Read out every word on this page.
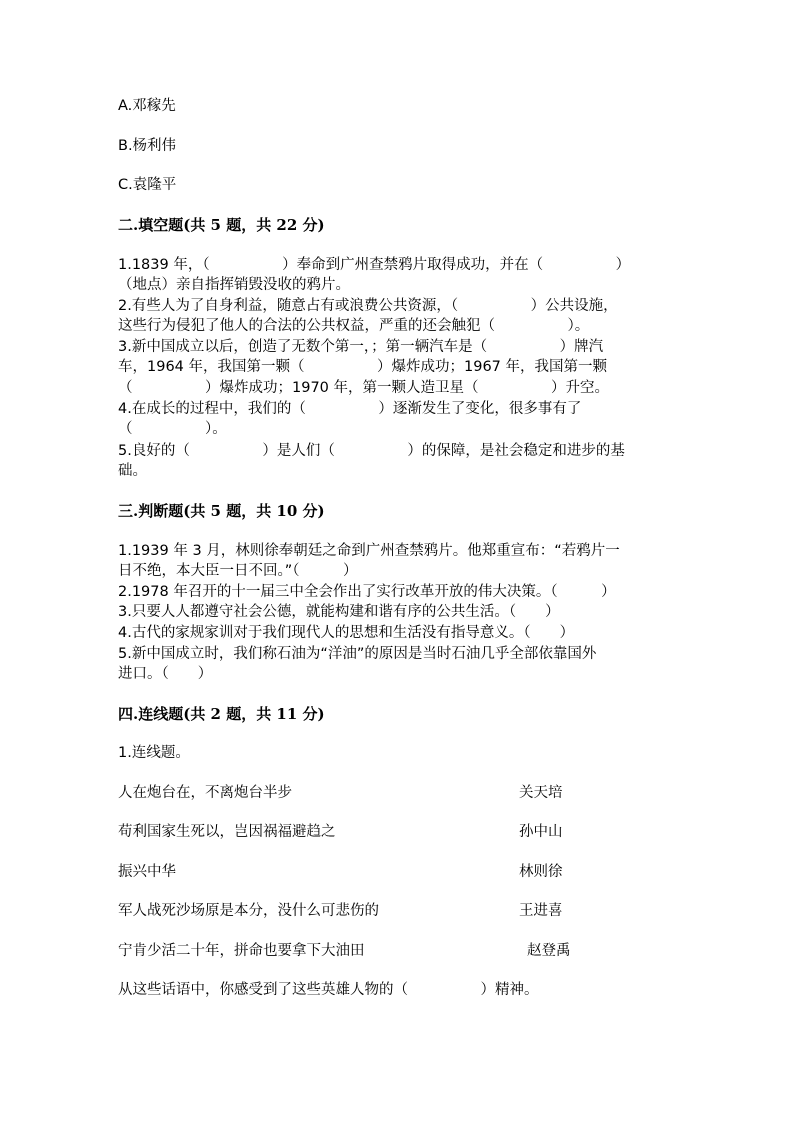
A.邓稼先
B.杨利伟
C.袁隆平
二.填空题(共 5 题，共 22 分)
1.1839 年，（　　　　　）奉命到广州查禁鸦片取得成功，并在（　　　　　）
（地点）亲自指挥销毁没收的鸦片。
2.有些人为了自身利益，随意占有或浪费公共资源，（　　　　　）公共设施，
这些行为侵犯了他人的合法的公共权益，严重的还会触犯（　　　　　）。
3.新中国成立以后，创造了无数个第一，；第一辆汽车是（　　　　　）牌汽
车，1964 年，我国第一颗（　　　　　）爆炸成功；1967 年，我国第一颗
（　　　　　）爆炸成功；1970 年，第一颗人造卫星（　　　　　）升空。
4.在成长的过程中，我们的（　　　　　）逐渐发生了变化，很多事有了
（　　　　　）。
5.良好的（　　　　　）是人们（　　　　　）的保障，是社会稳定和进步的基
础。
三.判断题(共 5 题，共 10 分)
1.1939 年 3 月，林则徐奉朝廷之命到广州查禁鸦片。他郑重宣布：“若鸦片一
日不绝，本大臣一日不回。”（　　　）
2.1978 年召开的十一届三中全会作出了实行改革开放的伟大决策。（　　　）
3.只要人人都遵守社会公德，就能构建和谐有序的公共生活。（　　）
4.古代的家规家训对于我们现代人的思想和生活没有指导意义。（　　）
5.新中国成立时，我们称石油为“洋油”的原因是当时石油几乎全部依靠国外
进口。（　　）
四.连线题(共 2 题，共 11 分)
1.连线题。
人在炮台在，不离炮台半步	关天培
苟利国家生死以，岂因祸福避趋之	孙中山
振兴中华	林则徐
军人战死沙场原是本分，没什么可悲伤的	王进喜
宁肯少活二十年，拼命也要拿下大油田	赵登禹
从这些话语中，你感受到了这些英雄人物的（　　　　　）精神。
